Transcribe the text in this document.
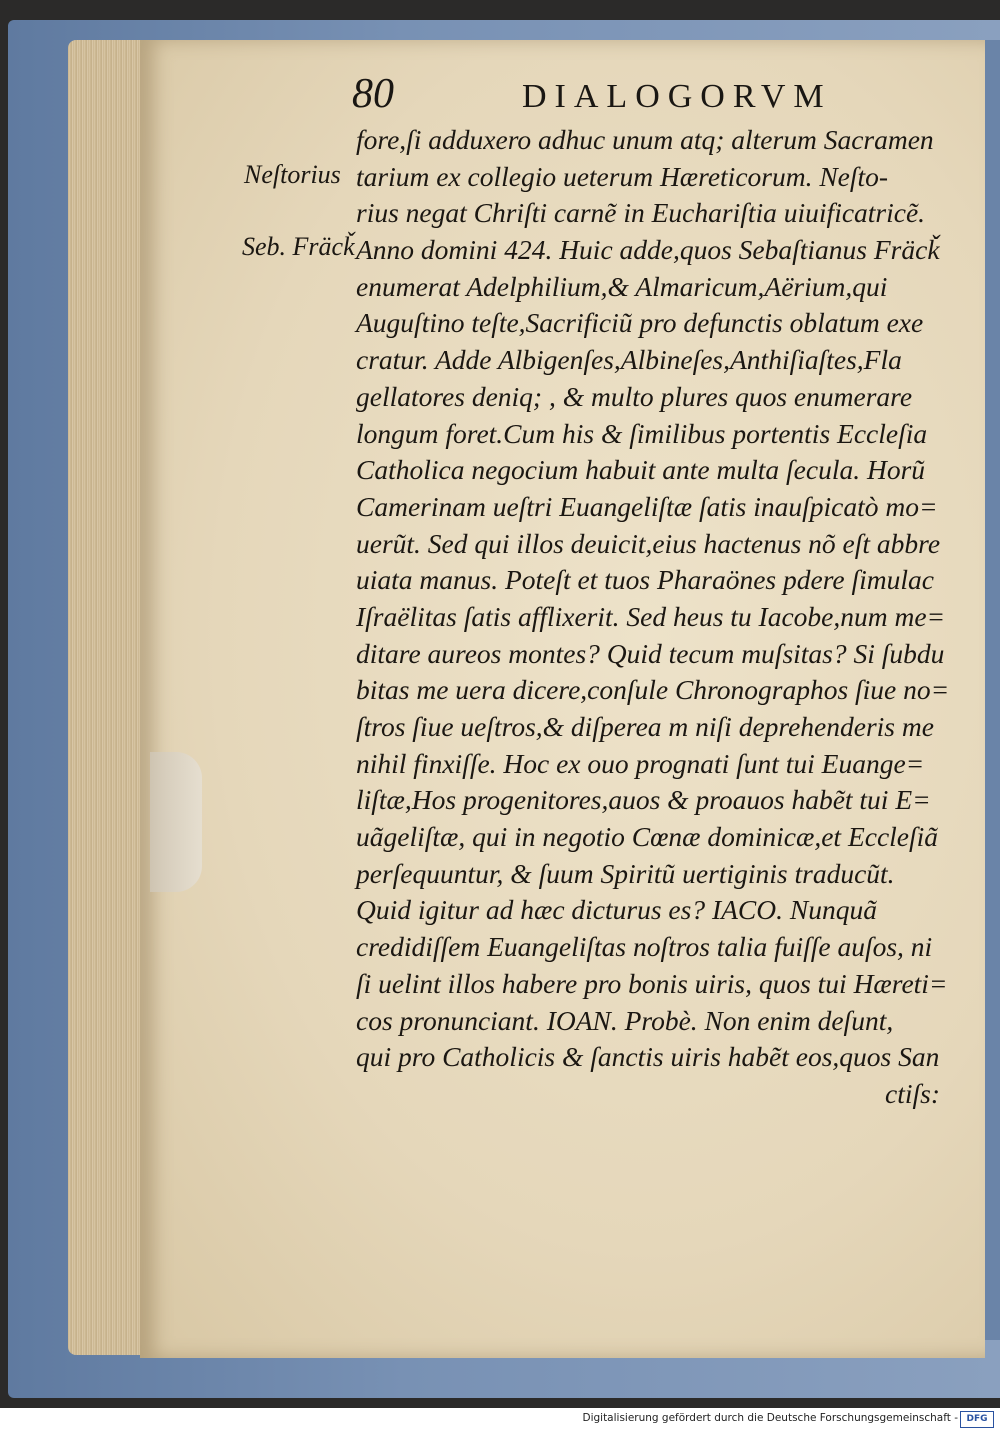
80	DIALOGORVM
Neſtorius
Seb. Fräcǩ
fore,ſi adduxero adhuc unum atq; alterum Sacramen
tarium ex collegio ueterum Hæreticorum. Neſto-
rius negat Chriſti carnẽ in Euchariſtia uiuificatricẽ.
Anno domini 424. Huic adde,quos Sebaſtianus Fräcǩ
enumerat Adelphilium,& Almaricum,Aërium,qui
Auguſtino teſte,Sacrificiũ pro defunctis oblatum exe
cratur. Adde Albigenſes,Albineſes,Anthiſiaſtes,Fla
gellatores deniq; , & multo plures quos enumerare
longum foret.Cum his & ſimilibus portentis Eccleſia
Catholica negocium habuit ante multa ſecula. Horũ
Camerinam ueſtri Euangeliſtæ ſatis inauſpicatò mo=
uerũt. Sed qui illos deuicit,eius hactenus nõ eſt abbre
uiata manus. Poteſt et tuos Pharaönes pdere ſimulac
Iſraëlitas ſatis afflixerit. Sed heus tu Iacobe,num me=
ditare aureos montes? Quid tecum muſsitas? Si ſubdu
bitas me uera dicere,conſule Chronographos ſiue no=
ſtros ſiue ueſtros,& diſperea m niſi deprehenderis me
nihil finxiſſe. Hoc ex ouo prognati ſunt tui Euange=
liſtæ,Hos progenitores,auos & proauos habẽt tui E=
uãgeliſtæ, qui in negotio Cœnæ dominicæ,et Eccleſiã
perſequuntur, & ſuum Spiritũ uertiginis traducũt.
Quid igitur ad hæc dicturus es? IACO. Nunquã
credidiſſem Euangeliſtas noſtros talia fuiſſe auſos, ni
ſi uelint illos habere pro bonis uiris, quos tui Hæreti=
cos pronunciant. IOAN. Probè. Non enim deſunt,
qui pro Catholicis & ſanctis uiris habẽt eos,quos San
ctiſs:
Digitalisierung gefördert durch die Deutsche Forschungsgemeinschaft - DFG
